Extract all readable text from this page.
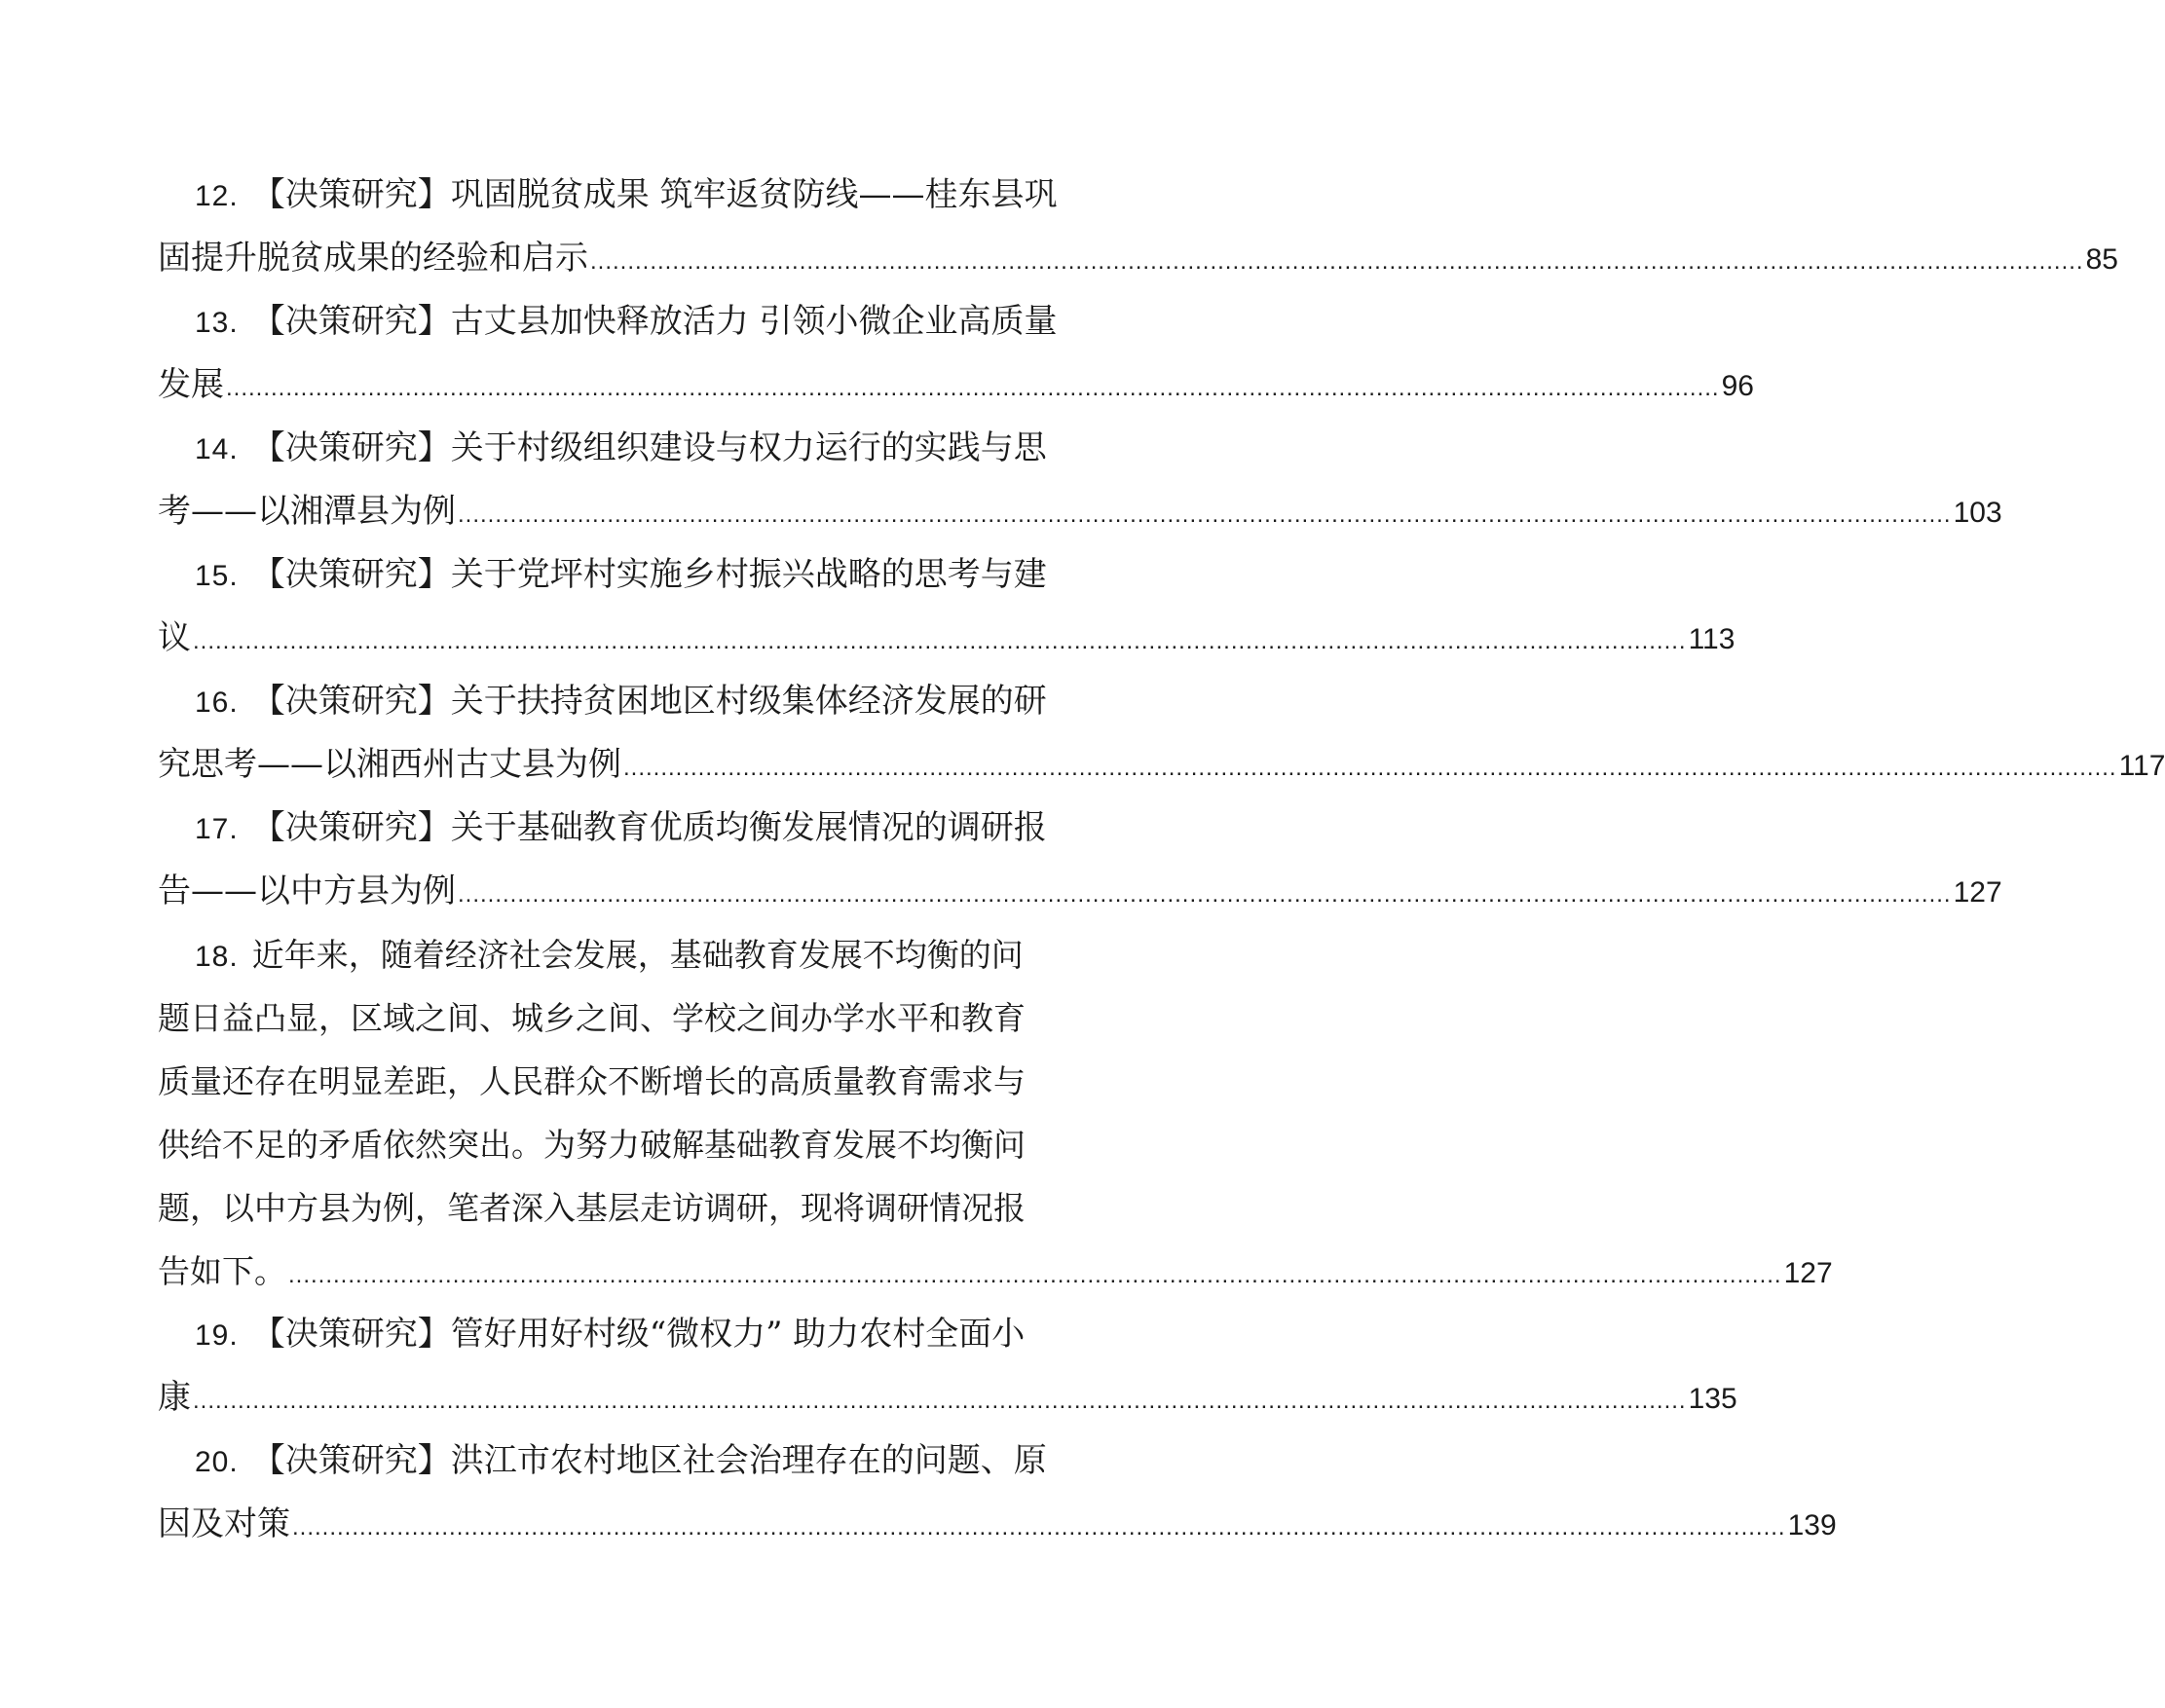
12. 【决策研究】巩固脱贫成果 筑牢返贫防线——桂东县巩
固提升脱贫成果的经验和启示 ........................................................................................................................................................................................................ 85
13. 【决策研究】古丈县加快释放活力 引领小微企业高质量
发展 ........................................................................................................................................................................................................ 96
14. 【决策研究】关于村级组织建设与权力运行的实践与思
考——以湘潭县为例 ........................................................................................................................................................................................................ 103
15. 【决策研究】关于党坪村实施乡村振兴战略的思考与建
议 ........................................................................................................................................................................................................ 113
16. 【决策研究】关于扶持贫困地区村级集体经济发展的研
究思考——以湘西州古丈县为例 ........................................................................................................................................................................................................ 117
17. 【决策研究】关于基础教育优质均衡发展情况的调研报
告——以中方县为例 ........................................................................................................................................................................................................ 127
18. 近年来，随着经济社会发展，基础教育发展不均衡的问
题日益凸显，区域之间、城乡之间、学校之间办学水平和教育
质量还存在明显差距，人民群众不断增长的高质量教育需求与
供给不足的矛盾依然突出。为努力破解基础教育发展不均衡问
题，以中方县为例，笔者深入基层走访调研，现将调研情况报
告如下。 ........................................................................................................................................................................................................ 127
19. 【决策研究】管好用好村级“微权力” 助力农村全面小
康 ........................................................................................................................................................................................................ 135
20. 【决策研究】洪江市农村地区社会治理存在的问题、原
因及对策 ........................................................................................................................................................................................................ 139
